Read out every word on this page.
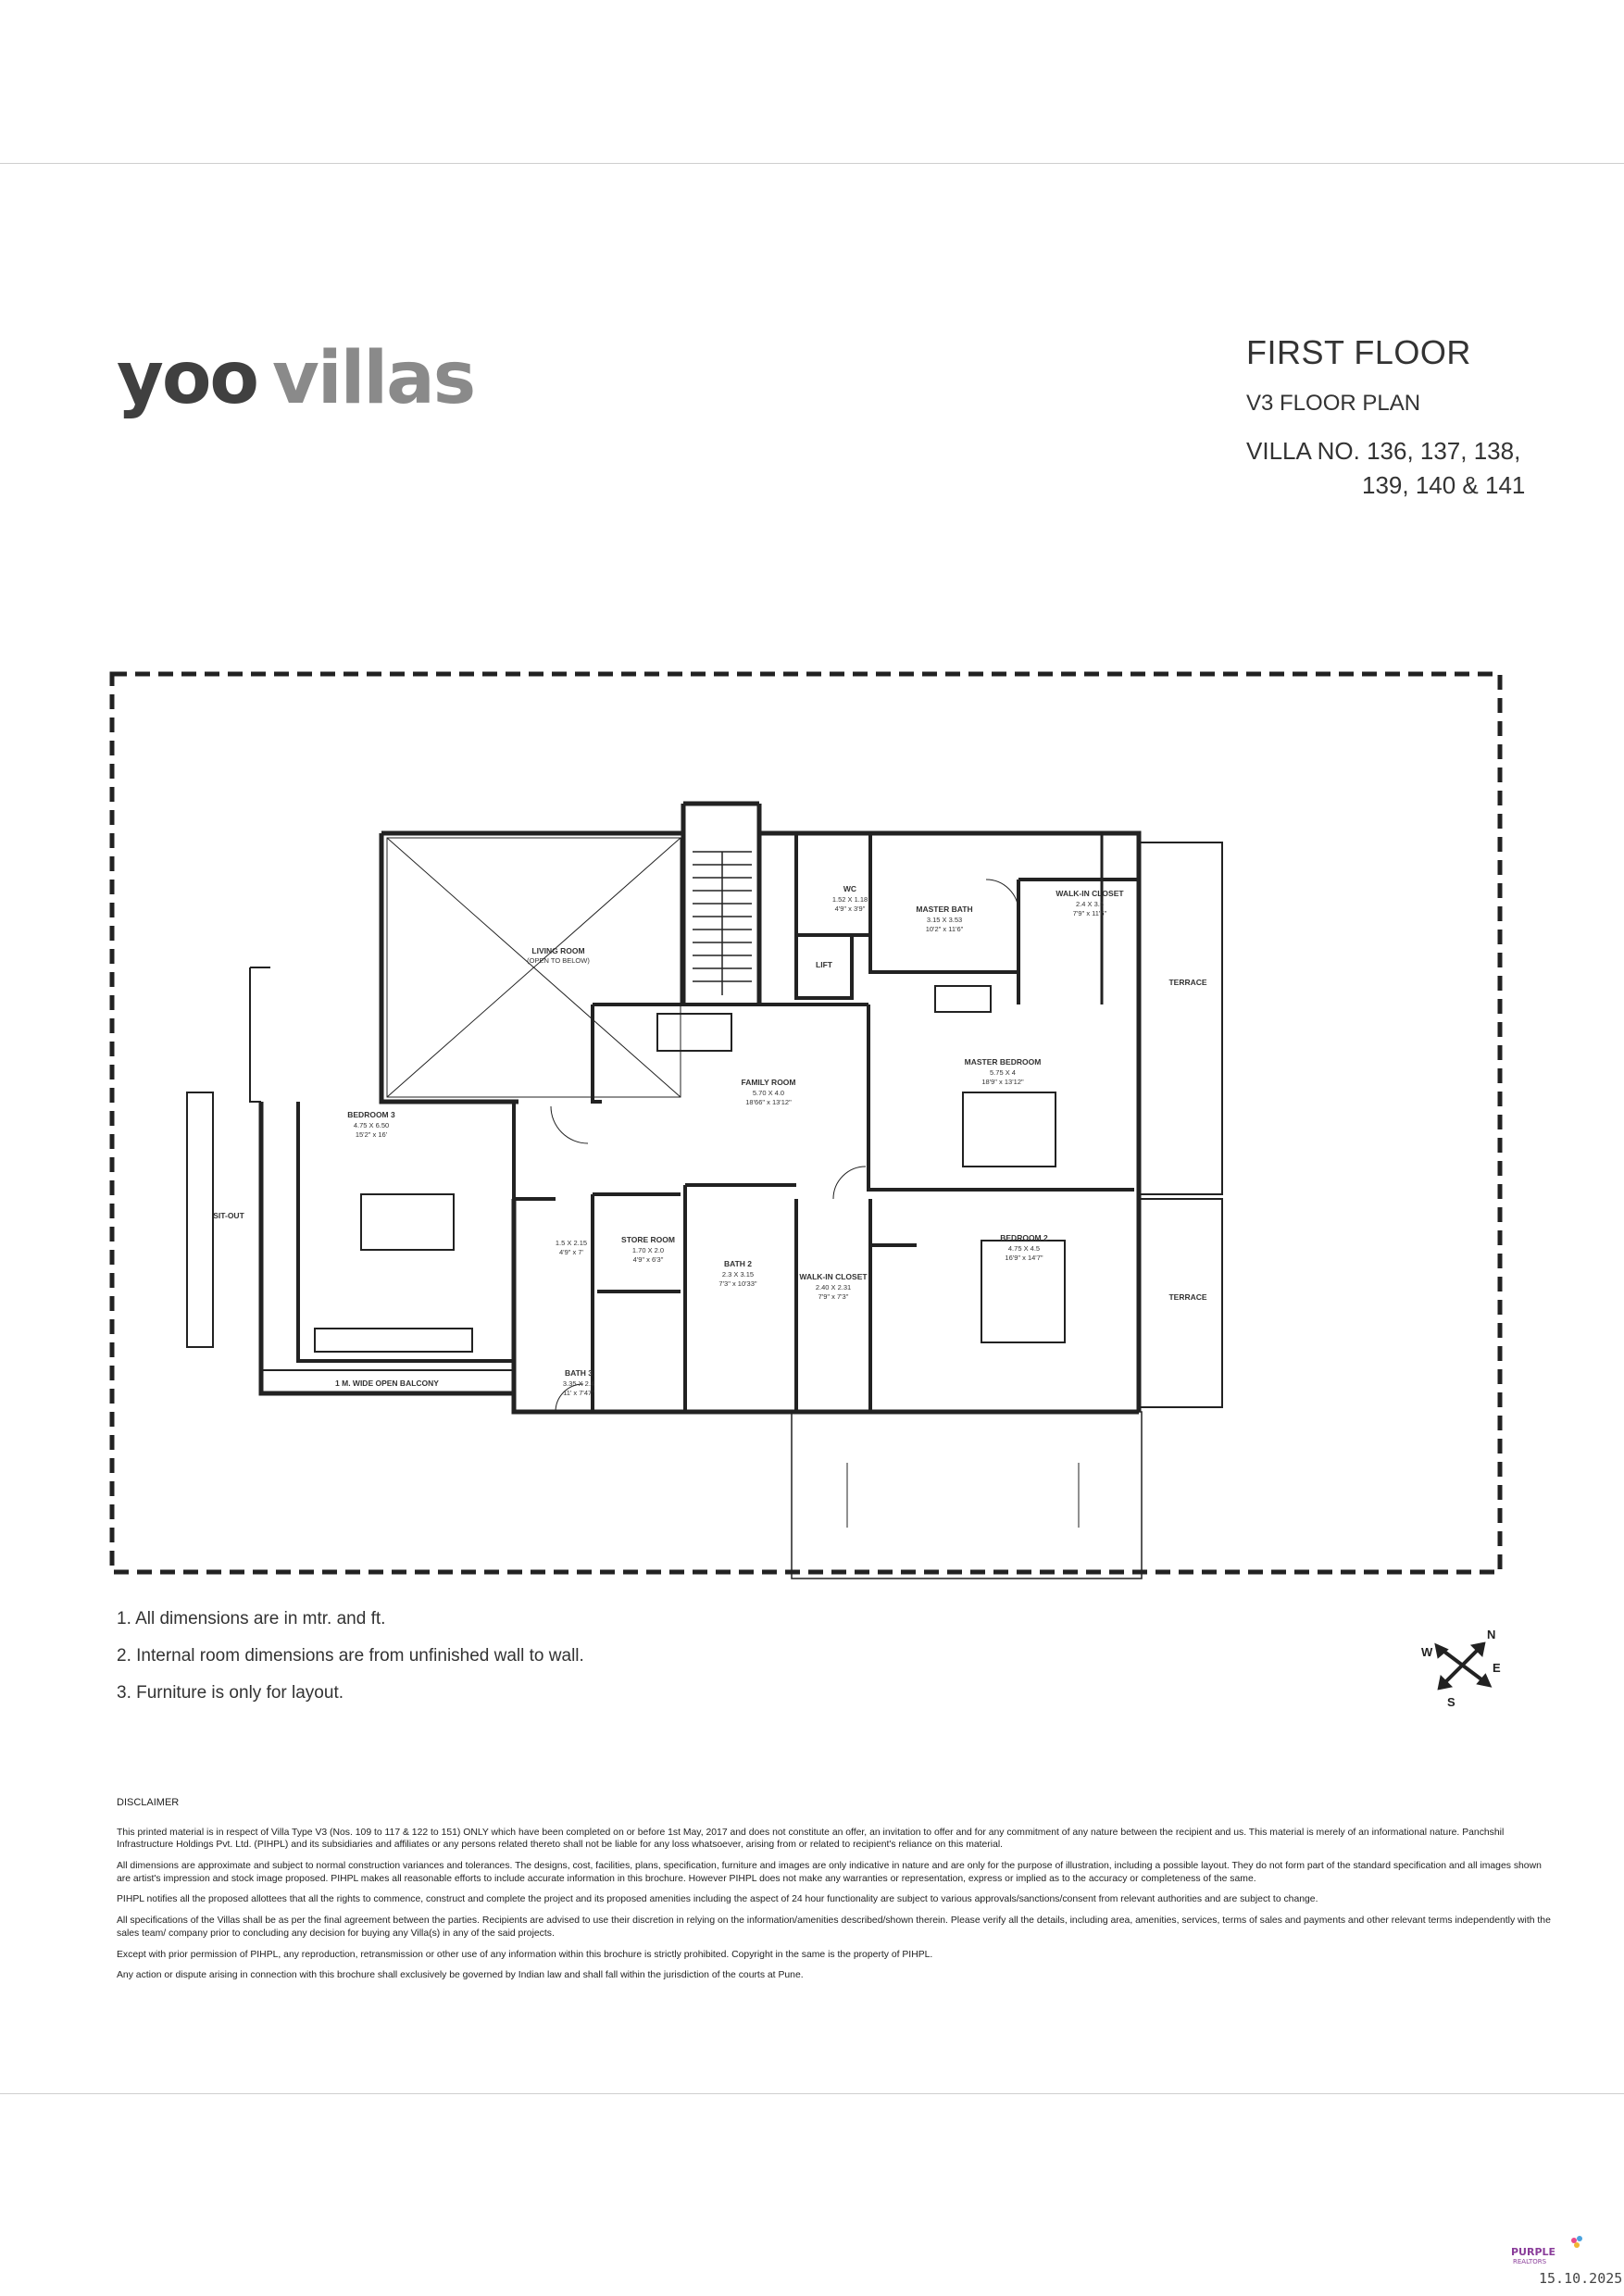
yoo villas	FIRST FLOOR
V3 FLOOR PLAN
VILLA NO. 136, 137, 138,
139, 140 & 141
LIVING ROOM
(OPEN TO BELOW)
FAMILY ROOM
5.70 X 4.0
18'66" x 13'12"
MASTER BEDROOM
5.75 X 4
18'9" x 13'12"
MASTER BATH
3.15 X 3.53
10'2" x 11'6"
WC
1.52 X 1.18
4'9" x 3'9"
WALK-IN CLOSET
2.4 X 3.5
7'9" x 11'6"
LIFT
BEDROOM 3
4.75 X 6.50
15'2" x 16'
BEDROOM 2
4.75 X 4.5
16'9" x 14'7"
WALK-IN CLOSET
2.40 X 2.31
7'9" x 7'3"
BATH 2
2.3 X 3.15
7'3" x 10'33"
STORE ROOM
1.70 X 2.0
4'9" x 6'3"
1.5 X 2.15
4'9" x 7'
BATH 3
3.35 X 2.4
11' x 7'47"
SIT-OUT
TERRACE
TERRACE
1 M. WIDE OPEN BALCONY
1. All dimensions are in mtr. and ft.
2. Internal room dimensions are from unfinished wall to wall.
3. Furniture is only for layout.
N
E
S
W
DISCLAIMER

This printed material is in respect of Villa Type V3 (Nos. 109 to 117 & 122 to 151) ONLY which have been completed on or before 1st May, 2017 and does not constitute an offer, an invitation to offer and for any commitment of any nature between the recipient and us. This material is merely of an informational nature. Panchshil Infrastructure Holdings Pvt. Ltd. (PIHPL) and its subsidiaries and affiliates or any persons related thereto shall not be liable for any loss whatsoever, arising from or related to recipient's reliance on this material.

All dimensions are approximate and subject to normal construction variances and tolerances. The designs, cost, facilities, plans, specification, furniture and images are only indicative in nature and are only for the purpose of illustration, including a possible layout. They do not form part of the standard specification and all images shown are artist's impression and stock image proposed. PIHPL makes all reasonable efforts to include accurate information in this brochure. However PIHPL does not make any warranties or representation, express or implied as to the accuracy or completeness of the same.

PIHPL notifies all the proposed allottees that all the rights to commence, construct and complete the project and its proposed amenities including the aspect of 24 hour functionality are subject to various approvals/sanctions/consent from relevant authorities and are subject to change.

All specifications of the Villas shall be as per the final agreement between the parties. Recipients are advised to use their discretion in relying on the information/amenities described/shown therein. Please verify all the details, including area, amenities, services, terms of sales and payments and other relevant terms independently with the sales team/ company prior to concluding any decision for buying any Villa(s) in any of the said projects.

Except with prior permission of PIHPL, any reproduction, retransmission or other use of any information within this brochure is strictly prohibited. Copyright in the same is the property of PIHPL.

Any action or dispute arising in connection with this brochure shall exclusively be governed by Indian law and shall fall within the jurisdiction of the courts at Pune.

PURPLE
REALTORS
15.10.2025
